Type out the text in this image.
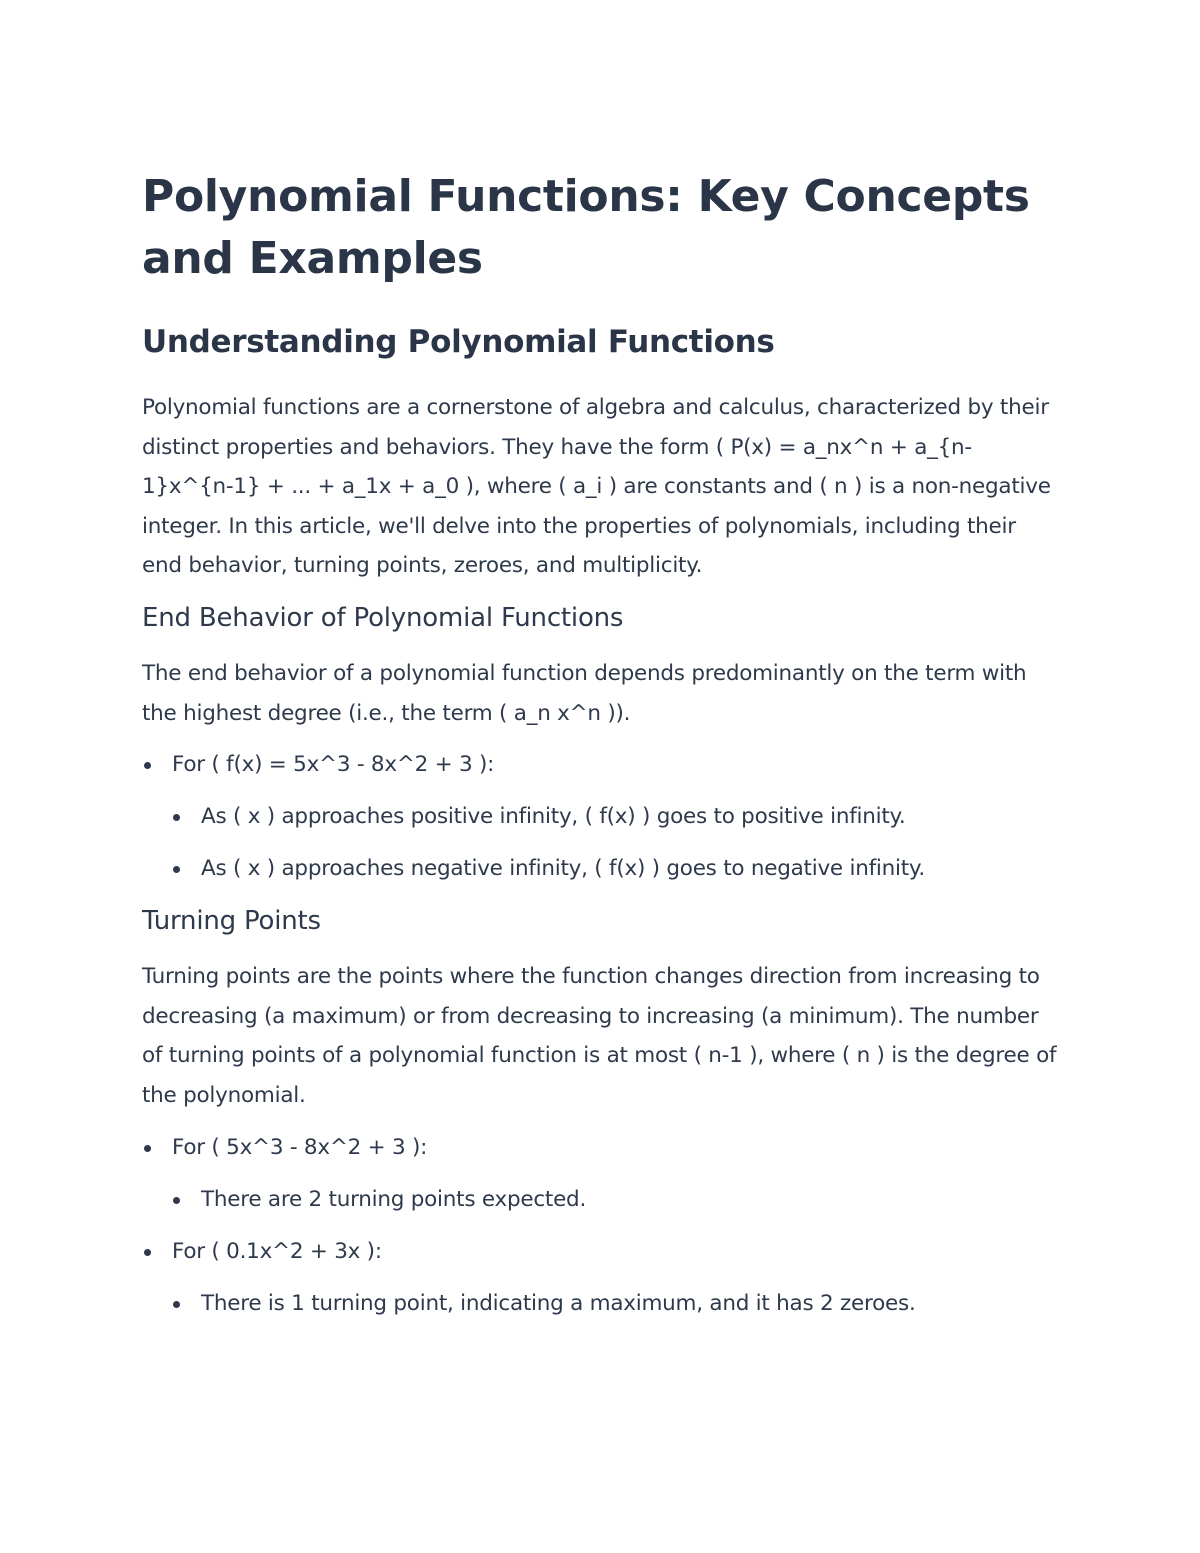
Polynomial Functions: Key Concepts and Examples
Understanding Polynomial Functions

Polynomial functions are a cornerstone of algebra and calculus, characterized by their distinct properties and behaviors. They have the form ( P(x) = a_nx^n + a_{n-1}x^{n-1} + ... + a_1x + a_0 ), where ( a_i ) are constants and ( n ) is a non-negative integer. In this article, we'll delve into the properties of polynomials, including their end behavior, turning points, zeroes, and multiplicity.

End Behavior of Polynomial Functions

The end behavior of a polynomial function depends predominantly on the term with the highest degree (i.e., the term ( a_n x^n )).

For ( f(x) = 5x^3 - 8x^2 + 3 ):
As ( x ) approaches positive infinity, ( f(x) ) goes to positive infinity.
As ( x ) approaches negative infinity, ( f(x) ) goes to negative infinity.
Turning Points

Turning points are the points where the function changes direction from increasing to decreasing (a maximum) or from decreasing to increasing (a minimum). The number of turning points of a polynomial function is at most ( n-1 ), where ( n ) is the degree of the polynomial.

For ( 5x^3 - 8x^2 + 3 ):
There are 2 turning points expected.
For ( 0.1x^2 + 3x ):
There is 1 turning point, indicating a maximum, and it has 2 zeroes.
